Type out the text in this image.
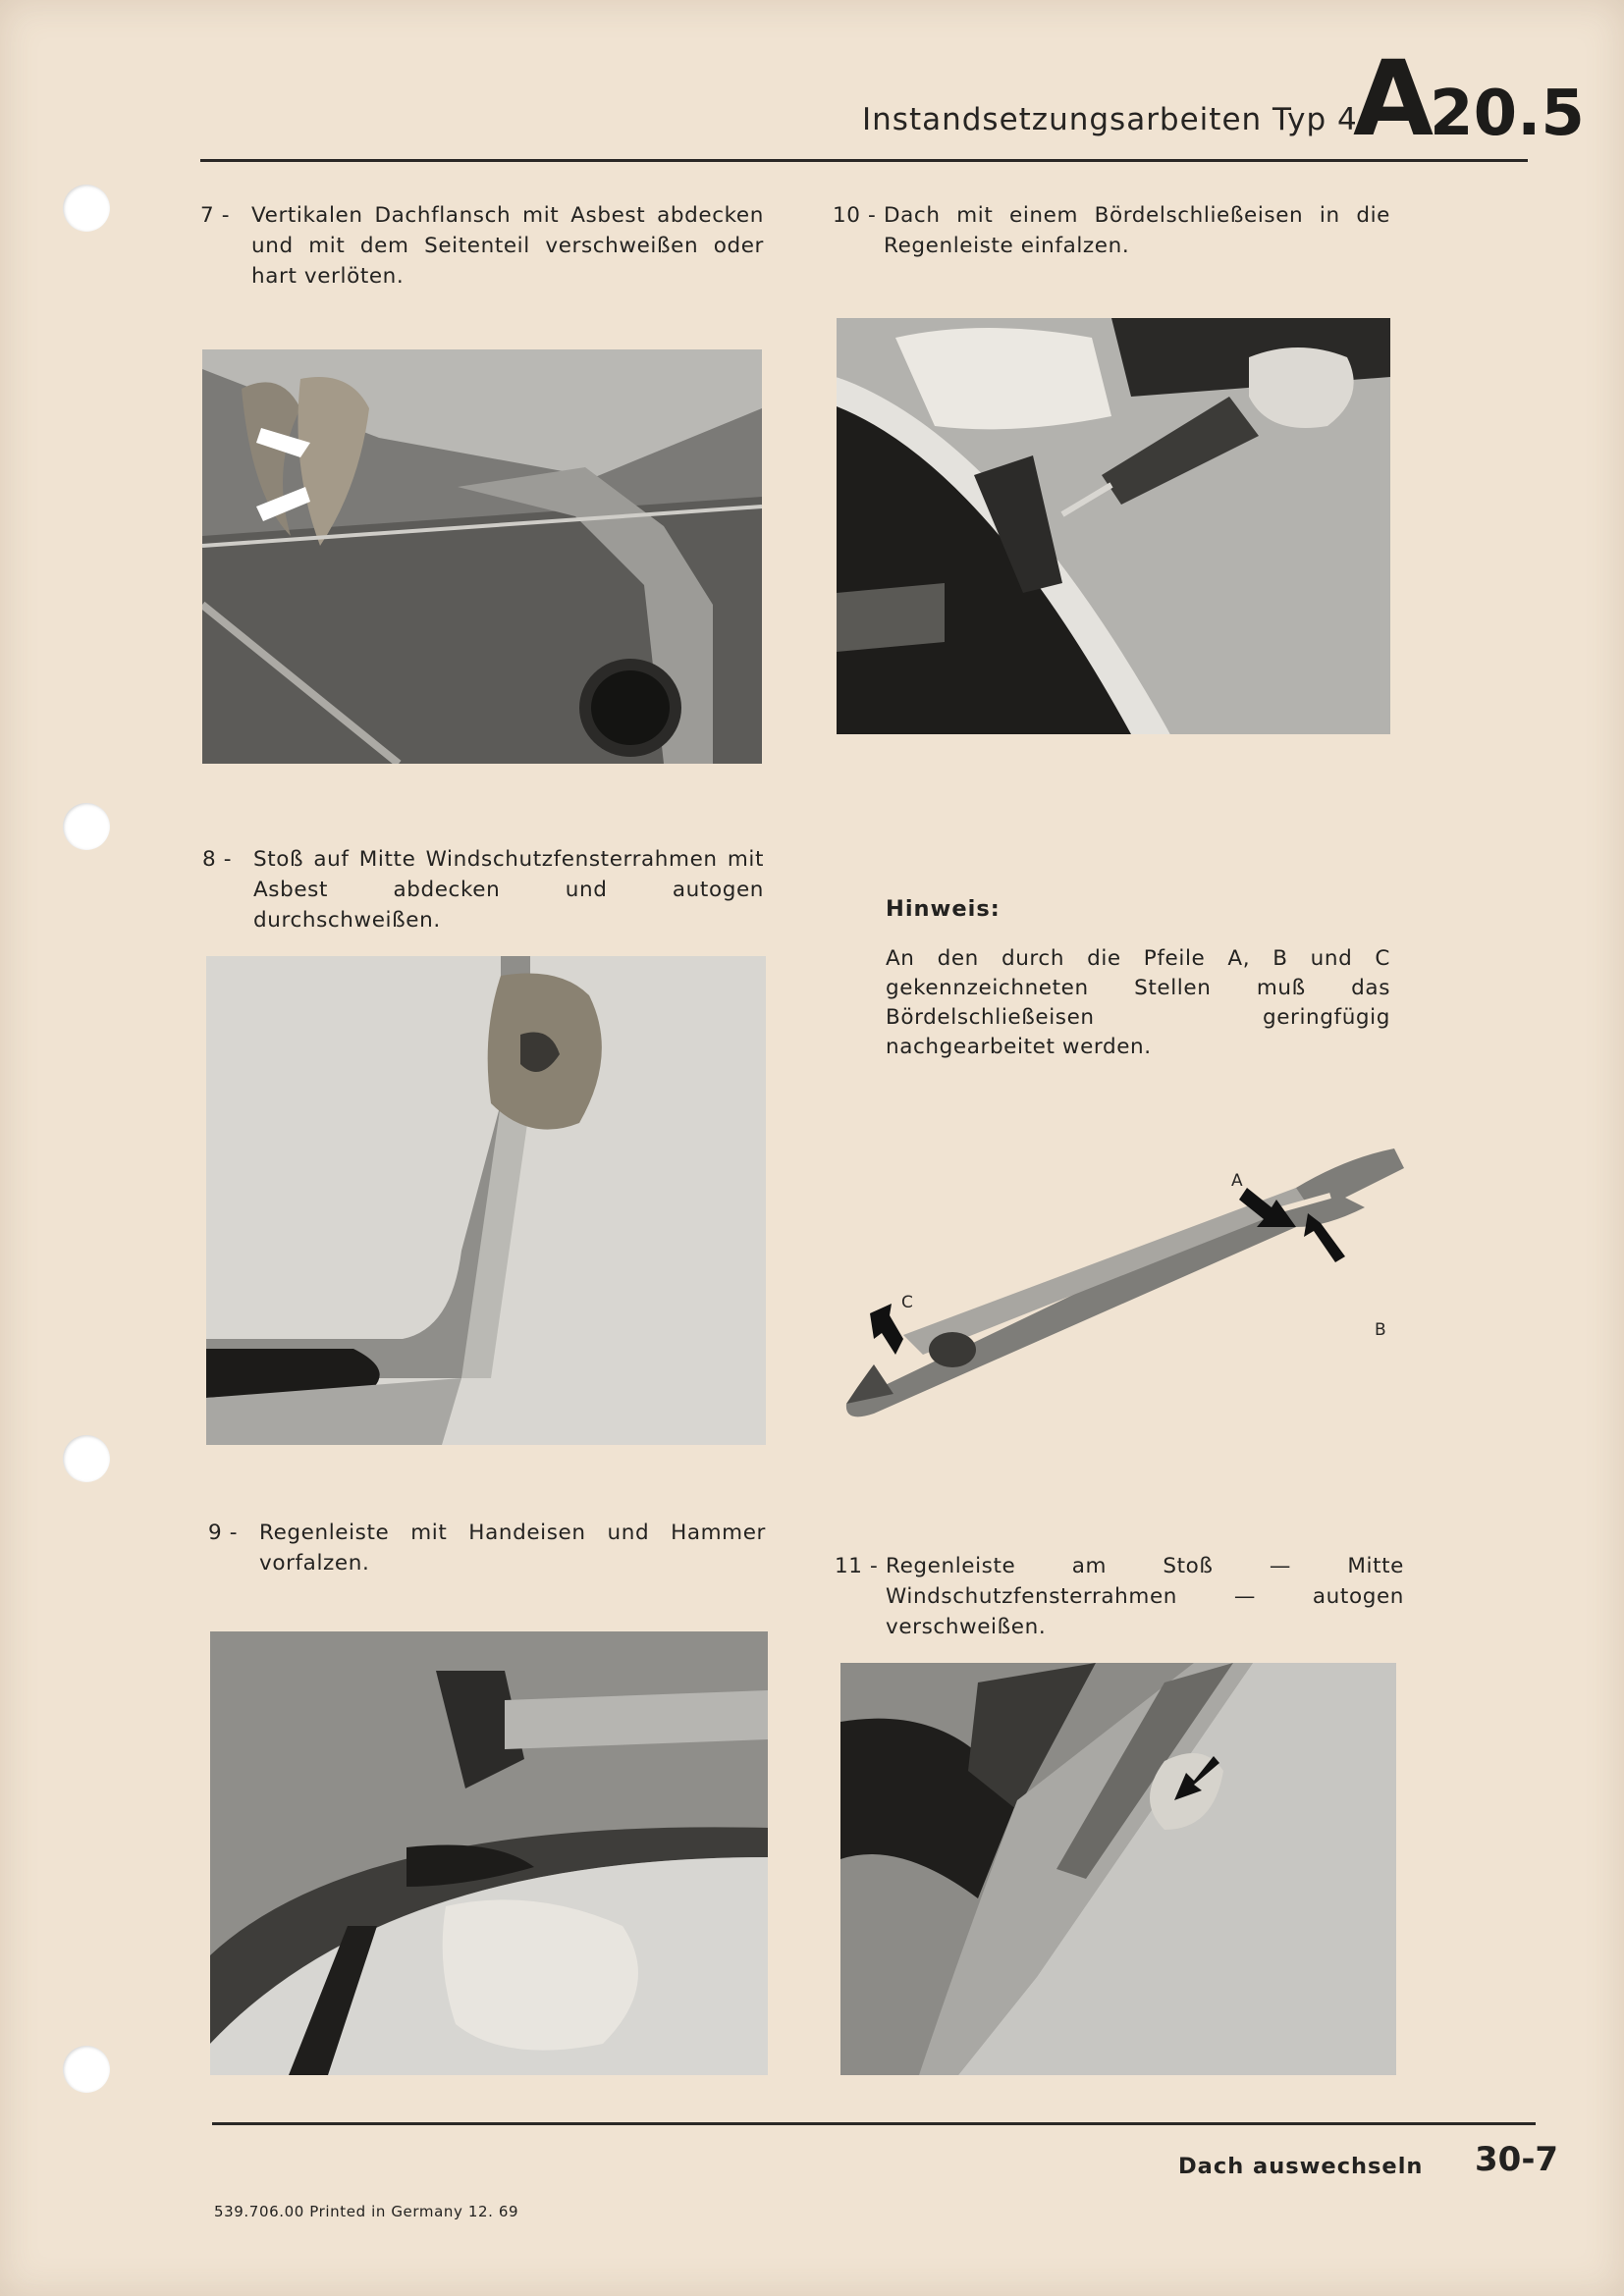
Instandsetzungsarbeiten Typ 4
A20.5
7 -	Vertikalen Dachflansch mit Asbest abdecken und mit dem Seitenteil verschweißen oder hart verlöten.
8 -	Stoß auf Mitte Windschutzfensterrahmen mit Asbest abdecken und autogen durchschweißen.
9 -	Regenleiste mit Handeisen und Hammer vorfalzen.
10 - Dach mit einem Bördelschließeisen in die Regenleiste einfalzen.
Hinweis:
An den durch die Pfeile A, B und C gekennzeichneten Stellen muß das Bördelschließeisen geringfügig nachgearbeitet werden.
A
B
C
11 - Regenleiste am Stoß — Mitte Windschutzfensterrahmen — autogen verschweißen.
Dach auswechseln 30-7
539.706.00 Printed in Germany 12. 69
